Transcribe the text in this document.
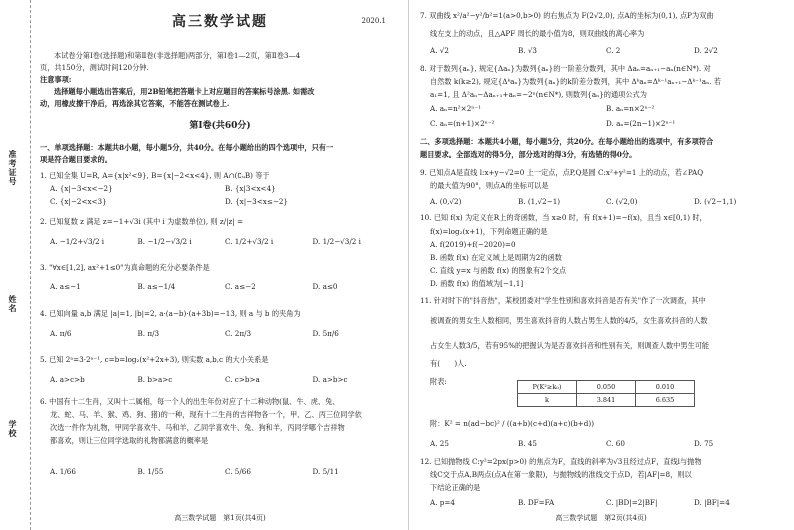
准考证号
姓名
学校
高三数学试题	2020.1
本试卷分第Ⅰ卷(选择题)和第Ⅱ卷(非选择题)两部分，第Ⅰ卷1—2页，第Ⅱ卷3—4
页，共150分，测试时间120分钟.
注意事项:
选择题每小题选出答案后，用2B铅笔把答题卡上对应题目的答案标号涂黑. 如需改
动，用橡皮擦干净后，再选涂其它答案，不能答在测试卷上.
第Ⅰ卷(共60分)
一、单项选择题：本题共8小题，每小题5分，共40分。在每小题给出的四个选项中，只有一
项是符合题目要求的。
1. 已知全集 U=R, A={x|x²<9}, B={x|−2<x<4}, 则 A∩(∁ᵤB) 等于
A. {x|−3<x<−2}	B. {x|3<x<4}
C. {x|−2<x<3}	D. {x|−3<x≤−2}
2. 已知复数 z 满足 z=−1+√3i (其中 i 为虚数单位), 则 z/|z| =
A. −1/2+√3/2 i	B. −1/2−√3/2 i	C. 1/2+√3/2 i	D. 1/2−√3/2 i
3. "∀x∈[1,2], ax²+1≤0"为真命题的充分必要条件是
A. a≤−1	B. a≤−1/4	C. a≤−2	D. a≤0
4. 已知向量 a,b 满足 |a|=1, |b|=2, a·(a−b)·(a+3b)=−13, 则 a 与 b 的夹角为
A. π/6	B. π/3	C. 2π/3	D. 5π/6
5. 已知 2ᵃ=3·2ᵃ⁻¹, c=b=log₂(x²+2x+3), 则实数 a,b,c 的大小关系是
A. a>c>b	B. b>a>c	C. c>b>a	D. a>b>c
6. 中国有十二生肖，又叫十二属相，每一个人的出生年份对应了十二种动物(鼠、牛、虎、兔、
龙、蛇、马、羊、猴、鸡、狗、猪)的一种，现有十二生肖的吉祥物各一个，甲、乙、丙三位同学依
次选一件作为礼物，甲同学喜欢牛、马和羊，乙同学喜欢牛、兔、狗和羊，丙同学哪个吉祥物
都喜欢，则让三位同学选取的礼物都满意的概率是
A. 1/66	B. 1/55	C. 5/66	D. 5/11
高三数学试题　第1页(共4页)
7. 双曲线 x²/a²−y²/b²=1(a>0,b>0) 的右焦点为 F(2√2,0), 点A的坐标为(0,1), 点P为双曲
线左支上的动点，且△APF 周长的最小值为8，则双曲线的离心率为
A. √2	B. √3	C. 2	D. 2√2
8. 对于数列{aₙ}, 规定{Δaₙ}为数列{aₙ}的一阶差分数列，其中 Δaₙ=aₙ₊₁−aₙ(n∈N*). 对
自然数 k(k≥2), 规定{Δᵏaₙ}为数列{aₙ}的k阶差分数列，其中 Δᵏaₙ=Δᵏ⁻¹aₙ₊₁−Δᵏ⁻¹aₙ. 若
a₁=1, 且 Δ²aₙ−Δaₙ₊₁+aₙ=−2ⁿ(n∈N*), 则数列{aₙ}的通项公式为
A. aₙ=n²×2ⁿ⁻¹	B. aₙ=n×2ⁿ⁻²
C. aₙ=(n+1)×2ⁿ⁻²	D. aₙ=(2n−1)×2ⁿ⁻¹
二、多项选择题：本题共4小题，每小题5分，共20分。在每小题给出的选项中，有多项符合
题目要求。全部选对的得5分，部分选对的得3分，有选错的得0分。
9. 已知点A是直线 l:x+y−√2=0 上一定点，点P,Q是圆 C:x²+y²=1 上的动点，若∠PAQ
的最大值为90°，则点A的坐标可以是
A. (0,√2)	B. (1,√2−1)	C. (√2,0)	D. (√2−1,1)
10. 已知 f(x) 为定义在R上的奇函数，当 x≥0 时，有 f(x+1)=−f(x)，且当 x∈[0,1) 时，
f(x)=log₂(x+1)，下列命题正确的是
A. f(2019)+f(−2020)=0
B. 函数 f(x) 在定义域上是周期为2的函数
C. 直线 y=x 与函数 f(x) 的图象有2个交点
D. 函数 f(x) 的值域为[−1,1]
11. 针对时下的"抖音热"，某校团委对"学生性别和喜欢抖音是否有关"作了一次调查，其中
被调查的男女生人数相同，男生喜欢抖音的人数占男生人数的4/5，女生喜欢抖音的人数
占女生人数3/5，若有95%的把握认为是否喜欢抖音和性别有关，则调查人数中男生可能
有(　　)人.
附表:
P(K²≥k₀)	0.050	0.010
k	3.841	6.635
附：K² = n(ad−bc)² / ((a+b)(c+d)(a+c)(b+d))
A. 25	B. 45	C. 60	D. 75
12. 已知抛物线 C:y²=2px(p>0) 的焦点为F，直线的斜率为√3且经过点F，直线l与抛物
线C交于点A,B两点(点A在第一象限)，与抛物线的准线交于点D，若|AF|=8，则以
下结论正确的是
A. p=4	B. DF=FA	C. |BD|=2|BF|	D. |BF|=4
高三数学试题　第2页(共4页)
